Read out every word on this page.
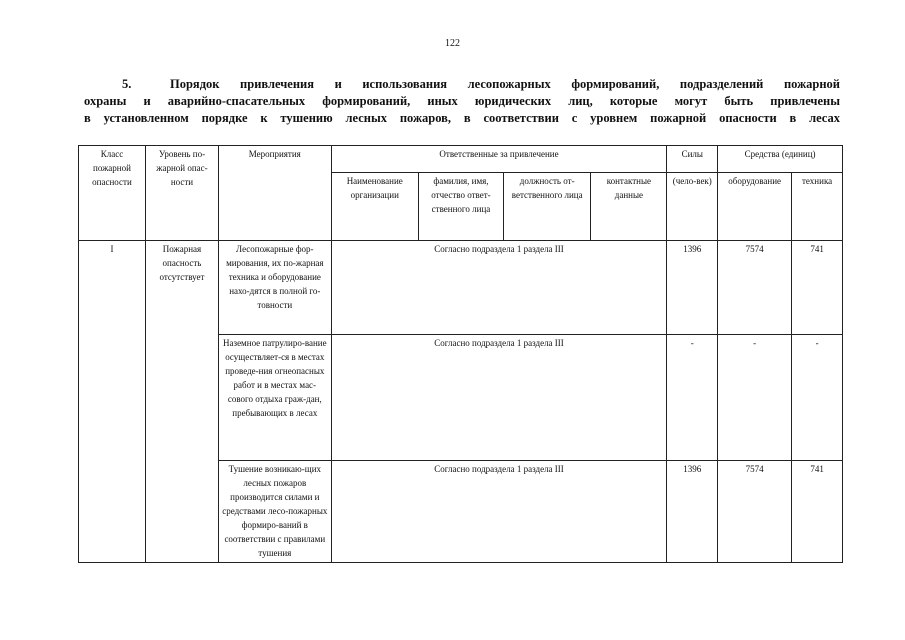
122
5.	Порядок привлечения и использования лесопожарных формирований, подразделений пожарной
охраны и аварийно-спасательных формирований, иных юридических лиц, которые могут быть привлечены
в установленном порядке к тушению лесных пожаров, в соответствии с уровнем пожарной опасности в лесах
Класс пожарной опасности	Уровень по-жарной опас-ности	Мероприятия	Ответственные за привлечение				Силы	Средства (единиц)	
			Наименование организации	фамилия, имя, отчество ответ-ственного лица	должность от-ветственного лица	контактные данные	(чело-век)	оборудование	техника
I	Пожарная опасность отсутствует	Лесопожарные фор-мирования, их по-жарная техника и оборудование нахо-дятся в полной го-товности	Согласно подраздела 1 раздела III				1396	7574	741
		Наземное патрулиро-вание осуществляет-ся в местах проведе-ния огнеопасных работ и в местах мас-сового отдыха граж-дан, пребывающих в лесах	Согласно подраздела 1 раздела III				-	-	-
		Тушение возникаю-щих лесных пожаров производится силами и средствами лесо-пожарных формиро-ваний в соответствии с правилами тушения	Согласно подраздела 1 раздела III				1396	7574	741
